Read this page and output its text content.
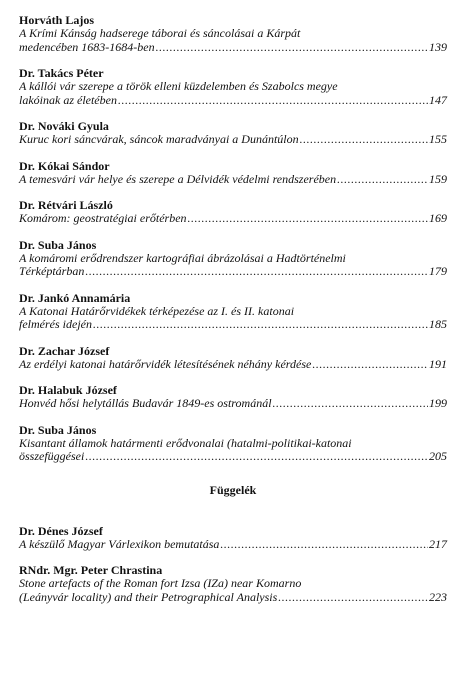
Horváth Lajos
A Krími Kánság hadserege táborai és sáncolásai a Kárpát
medencében 1683-1684-ben .....	139
Dr. Takács Péter
A kállói vár szerepe a török elleni küzdelemben és Szabolcs megye
lakóinak az életében .....	147
Dr. Nováki Gyula
Kuruc kori sáncvárak, sáncok maradványai a Dunántúlon .....	155
Dr. Kókai Sándor
A temesvári vár helye és szerepe a Délvidék védelmi rendszerében .....	159
Dr. Rétvári László
Komárom: geostratégiai erőtérben .....	169
Dr. Suba János
A komáromi erődrendszer kartográfiai ábrázolásai a Hadtörténelmi
Térképtárban .....	179
Dr. Jankó Annamária
A Katonai Határőrvidékek térképezése az I. és II. katonai
felmérés idején .....	185
Dr. Zachar József
Az erdélyi katonai határőrvidék létesítésének néhány kérdése .....	191
Dr. Halabuk József
Honvéd hősi helytállás Budavár 1849-es ostrománál .....	199
Dr. Suba János
Kisantant államok határmenti erődvonalai (hatalmi-politikai-katonai
összefüggései .....	205
Függelék
Dr. Dénes József
A készülő Magyar Várlexikon bemutatása .....	217
RNdr. Mgr. Peter Chrastina
Stone artefacts of the Roman fort Izsa (IZa) near Komarno
(Leányvár locality) and their Petrographical Analysis .....	223
